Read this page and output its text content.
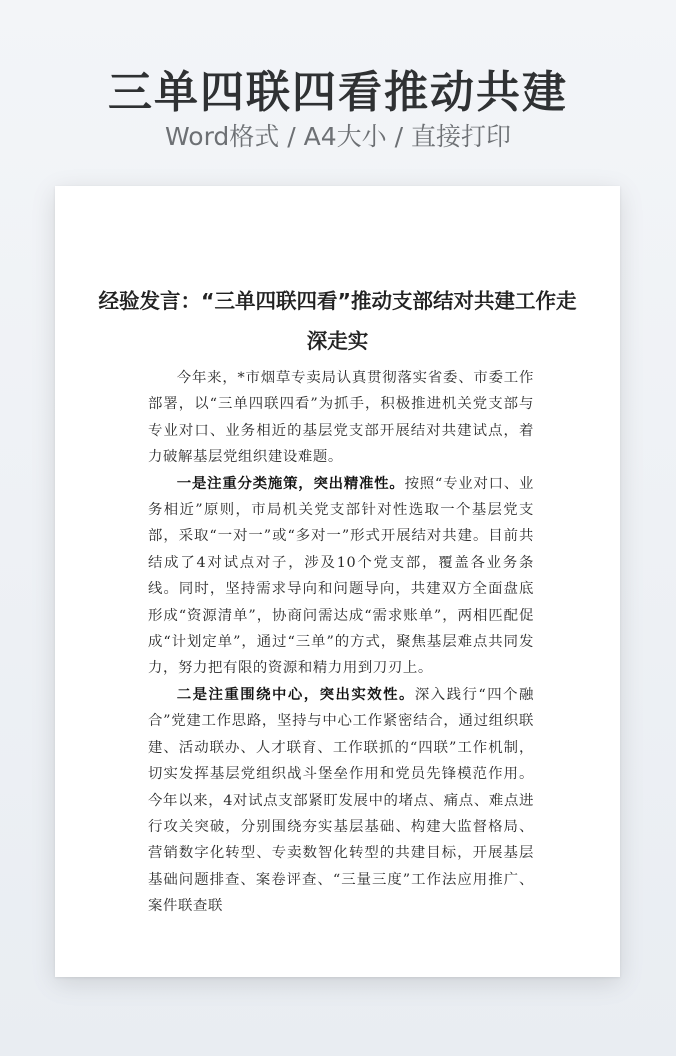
三单四联四看推动共建
Word格式 / A4大小 / 直接打印
经验发言：“三单四联四看”推动支部结对共建工作走深走实

今年来，*市烟草专卖局认真贯彻落实省委、市委工作部署，以“三单四联四看”为抓手，积极推进机关党支部与专业对口、业务相近的基层党支部开展结对共建试点，着力破解基层党组织建设难题。

一是注重分类施策，突出精准性。按照“专业对口、业务相近”原则，市局机关党支部针对性选取一个基层党支部，采取“一对一”或“多对一”形式开展结对共建。目前共结成了4对试点对子，涉及10个党支部，覆盖各业务条线。同时，坚持需求导向和问题导向，共建双方全面盘底形成“资源清单”，协商问需达成“需求账单”，两相匹配促成“计划定单”，通过“三单”的方式，聚焦基层难点共同发力，努力把有限的资源和精力用到刀刃上。

二是注重围绕中心，突出实效性。深入践行“四个融合”党建工作思路，坚持与中心工作紧密结合，通过组织联建、活动联办、人才联育、工作联抓的“四联”工作机制，切实发挥基层党组织战斗堡垒作用和党员先锋模范作用。今年以来，4对试点支部紧盯发展中的堵点、痛点、难点进行攻关突破，分别围绕夯实基层基础、构建大监督格局、营销数字化转型、专卖数智化转型的共建目标，开展基层基础问题排查、案卷评查、“三量三度”工作法应用推广、案件联查联
